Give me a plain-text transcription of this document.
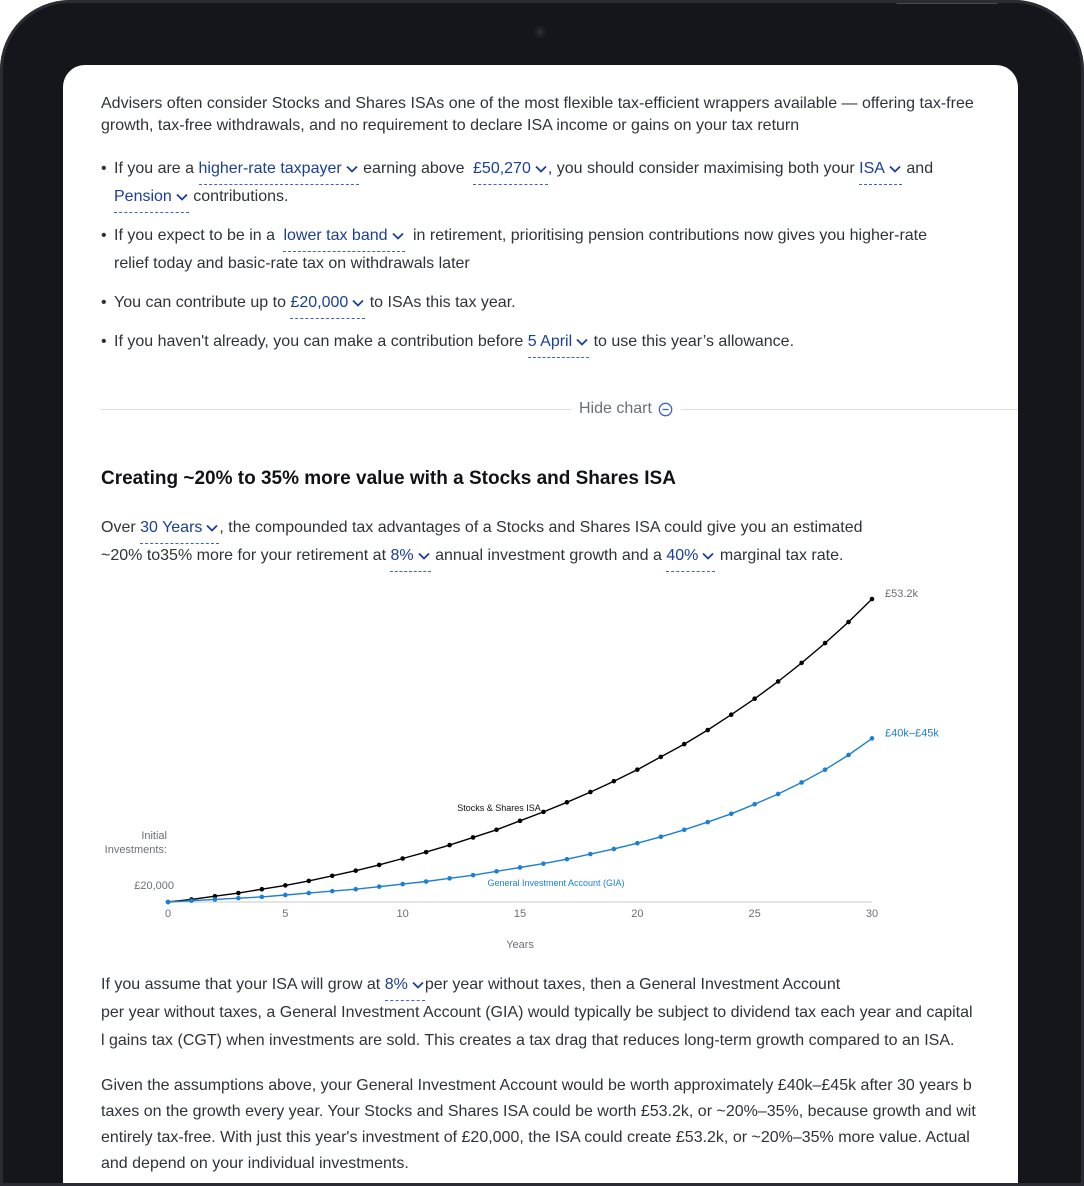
Advisers often consider Stocks and Shares ISAs one of the most flexible tax-efficient wrappers available — offering tax-free
growth, tax-free withdrawals, and no requirement to declare ISA income or gains on your tax return
• If you are a higher-rate taxpayer earning above £50,270 , you should consider maximising both your ISA and
Pension contributions.
• If you expect to be in a lower tax band in retirement, prioritising pension contributions now gives you higher-rate
relief today and basic-rate tax on withdrawals later
• You can contribute up to £20,000 to ISAs this tax year.
• If you haven't already, you can make a contribution before 5 April to use this year’s allowance.
Hide chart
Creating ~20% to 35% more value with a Stocks and Shares ISA
Over 30 Years , the compounded tax advantages of a Stocks and Shares ISA could give you an estimated
~20% to35% more for your retirement at 8% annual investment growth and a 40% marginal tax rate.
Initial
Investments:
£20,000
Years
0	5	10	15	20	25	30
£53.2k
£40k–£45k
Stocks & Shares ISA
General Investment Account (GIA)
If you assume that your ISA will grow at 8% per year without taxes, then a General Investment Account
per year without taxes, a General Investment Account (GIA) would typically be subject to dividend tax each year and capital
l gains tax (CGT) when investments are sold. This creates a tax drag that reduces long-term growth compared to an ISA.
Given the assumptions above, your General Investment Account would be worth approximately £40k–£45k after 30 years b
taxes on the growth every year. Your Stocks and Shares ISA could be worth £53.2k, or ~20%–35%, because growth and wit
entirely tax-free. With just this year's investment of £20,000, the ISA could create £53.2k, or ~20%–35% more value. Actual
and depend on your individual investments.
